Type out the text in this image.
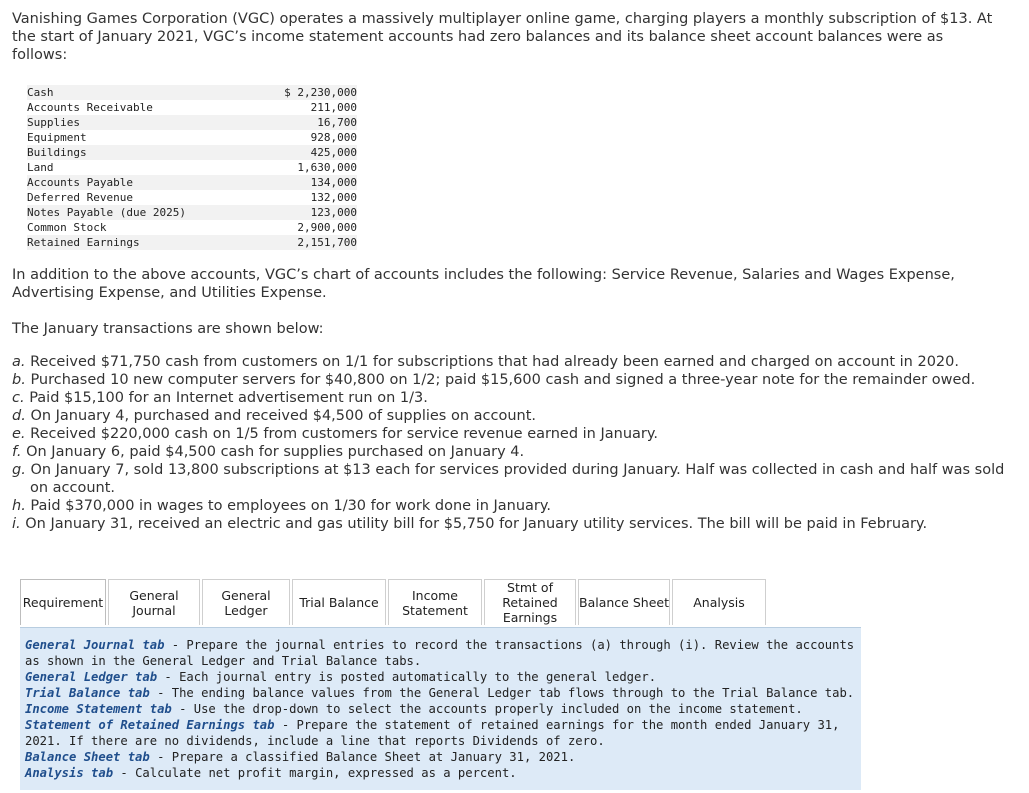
Vanishing Games Corporation (VGC) operates a massively multiplayer online game, charging players a monthly subscription of $13. At the start of January 2021, VGC’s income statement accounts had zero balances and its balance sheet account balances were as follows:

Cash	$ 2,230,000
Accounts Receivable	211,000
Supplies	16,700
Equipment	928,000
Buildings	425,000
Land	1,630,000
Accounts Payable	134,000
Deferred Revenue	132,000
Notes Payable (due 2025)	123,000
Common Stock	2,900,000
Retained Earnings	2,151,700

In addition to the above accounts, VGC’s chart of accounts includes the following: Service Revenue, Salaries and Wages Expense, Advertising Expense, and Utilities Expense.

The January transactions are shown below:

a. Received $71,750 cash from customers on 1/1 for subscriptions that had already been earned and charged on account in 2020.
b. Purchased 10 new computer servers for $40,800 on 1/2; paid $15,600 cash and signed a three-year note for the remainder owed.
c. Paid $15,100 for an Internet advertisement run on 1/3.
d. On January 4, purchased and received $4,500 of supplies on account.
e. Received $220,000 cash on 1/5 from customers for service revenue earned in January.
f. On January 6, paid $4,500 cash for supplies purchased on January 4.
g. On January 7, sold 13,800 subscriptions at $13 each for services provided during January. Half was collected in cash and half was sold on account.
h. Paid $370,000 in wages to employees on 1/30 for work done in January.
i. On January 31, received an electric and gas utility bill for $5,750 for January utility services. The bill will be paid in February.
Requirement	General Journal
General Ledger	Trial Balance	Income Statement
Stmt of Retained Earnings
Balance Sheet	Analysis

General Journal tab - Prepare the journal entries to record the transactions (a) through (i). Review the accounts as shown in the General Ledger and Trial Balance tabs.

General Ledger tab - Each journal entry is posted automatically to the general ledger.

Trial Balance tab - The ending balance values from the General Ledger tab flows through to the Trial Balance tab.

Income Statement tab - Use the drop-down to select the accounts properly included on the income statement.

Statement of Retained Earnings tab - Prepare the statement of retained earnings for the month ended January 31, 2021. If there are no dividends, include a line that reports Dividends of zero.

Balance Sheet tab - Prepare a classified Balance Sheet at January 31, 2021.

Analysis tab - Calculate net profit margin, expressed as a percent.
